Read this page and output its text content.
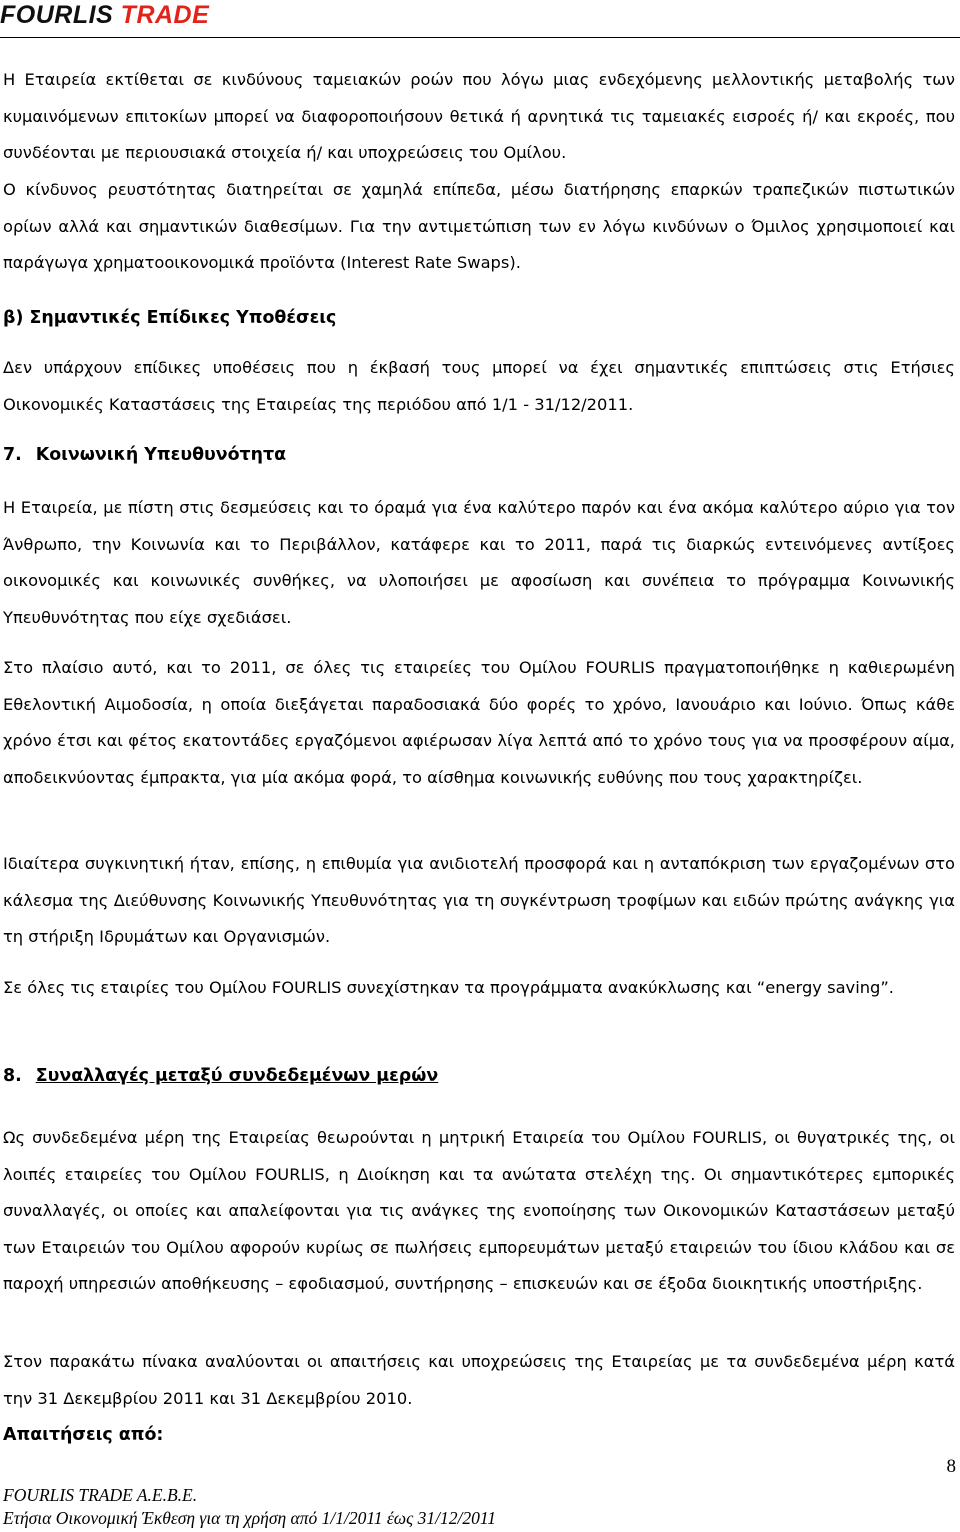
FOURLIS TRADE
Η Εταιρεία εκτίθεται σε κινδύνους ταμειακών ροών που λόγω μιας ενδεχόμενης μελλοντικής μεταβολής των κυμαινόμενων επιτοκίων μπορεί να διαφοροποιήσουν θετικά ή αρνητικά τις ταμειακές εισροές ή/ και εκροές, που συνδέονται με περιουσιακά στοιχεία ή/ και υποχρεώσεις του Ομίλου.
Ο κίνδυνος ρευστότητας διατηρείται σε χαμηλά επίπεδα, μέσω διατήρησης επαρκών τραπεζικών πιστωτικών ορίων αλλά και σημαντικών διαθεσίμων. Για την αντιμετώπιση των εν λόγω κινδύνων ο Όμιλος χρησιμοποιεί και παράγωγα χρηματοοικονομικά προϊόντα (Interest Rate Swaps).
β) Σημαντικές Επίδικες Υποθέσεις
Δεν υπάρχουν επίδικες υποθέσεις που η έκβασή τους μπορεί να έχει σημαντικές επιπτώσεις στις Ετήσιες Οικονομικές Καταστάσεις της Εταιρείας της περιόδου από 1/1 - 31/12/2011.
7. Κοινωνική Υπευθυνότητα
Η Εταιρεία, με πίστη στις δεσμεύσεις και το όραμά για ένα καλύτερο παρόν και ένα ακόμα καλύτερο αύριο για τον Άνθρωπο, την Κοινωνία και το Περιβάλλον, κατάφερε και το 2011, παρά τις διαρκώς εντεινόμενες αντίξοες οικονομικές και κοινωνικές συνθήκες, να υλοποιήσει με αφοσίωση και συνέπεια το πρόγραμμα Κοινωνικής Υπευθυνότητας που είχε σχεδιάσει.
Στο πλαίσιο αυτό, και το 2011, σε όλες τις εταιρείες του Ομίλου FOURLIS πραγματοποιήθηκε η καθιερωμένη Εθελοντική Αιμοδοσία, η οποία διεξάγεται παραδοσιακά δύο φορές το χρόνο, Ιανουάριο και Ιούνιο. Όπως κάθε χρόνο έτσι και φέτος εκατοντάδες εργαζόμενοι αφιέρωσαν λίγα λεπτά από το χρόνο τους για να προσφέρουν αίμα, αποδεικνύοντας έμπρακτα, για μία ακόμα φορά, το αίσθημα κοινωνικής ευθύνης που τους χαρακτηρίζει.
Ιδιαίτερα συγκινητική ήταν, επίσης, η επιθυμία για ανιδιοτελή προσφορά και η ανταπόκριση των εργαζομένων στο κάλεσμα της Διεύθυνσης Κοινωνικής Υπευθυνότητας για τη συγκέντρωση τροφίμων και ειδών πρώτης ανάγκης για τη στήριξη Ιδρυμάτων και Οργανισμών.
Σε όλες τις εταιρίες του Ομίλου FOURLIS συνεχίστηκαν τα προγράμματα ανακύκλωσης και “energy saving”.
8. Συναλλαγές μεταξύ συνδεδεμένων μερών
Ως συνδεδεμένα μέρη της Εταιρείας θεωρούνται η μητρική Εταιρεία του Ομίλου FOURLIS, οι θυγατρικές της, οι λοιπές εταιρείες του Ομίλου FOURLIS, η Διοίκηση και τα ανώτατα στελέχη της. Οι σημαντικότερες εμπορικές συναλλαγές, οι οποίες και απαλείφονται για τις ανάγκες της ενοποίησης των Οικονομικών Καταστάσεων μεταξύ των Εταιρειών του Ομίλου αφορούν κυρίως σε πωλήσεις εμπορευμάτων μεταξύ εταιρειών του ίδιου κλάδου και σε παροχή υπηρεσιών αποθήκευσης – εφοδιασμού, συντήρησης – επισκευών και σε έξοδα διοικητικής υποστήριξης.
Στον παρακάτω πίνακα αναλύονται οι απαιτήσεις και υποχρεώσεις της Εταιρείας με τα συνδεδεμένα μέρη κατά την 31 Δεκεμβρίου 2011 και 31 Δεκεμβρίου 2010.
Απαιτήσεις από:
8
FOURLIS TRADE A.E.B.E.
Ετήσια Οικονομική Έκθεση για τη χρήση από 1/1/2011 έως 31/12/2011
